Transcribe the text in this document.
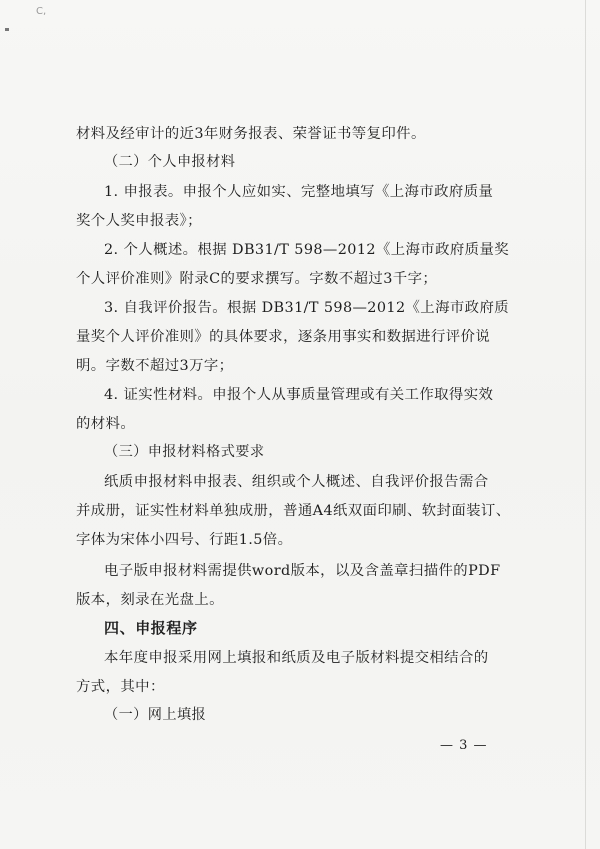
C,
材料及经审计的近3年财务报表、荣誉证书等复印件。
（二）个人申报材料
1. 申报表。申报个人应如实、完整地填写《上海市政府质量
奖个人奖申报表》；
2. 个人概述。根据 DB31/T 598—2012《上海市政府质量奖
个人评价准则》附录C的要求撰写。字数不超过3千字；
3. 自我评价报告。根据 DB31/T 598—2012《上海市政府质
量奖个人评价准则》的具体要求，逐条用事实和数据进行评价说
明。字数不超过3万字；
4. 证实性材料。申报个人从事质量管理或有关工作取得实效
的材料。
（三）申报材料格式要求
纸质申报材料申报表、组织或个人概述、自我评价报告需合
并成册，证实性材料单独成册，普通A4纸双面印刷、软封面装订、
字体为宋体小四号、行距1.5倍。
电子版申报材料需提供word版本，以及含盖章扫描件的PDF
版本，刻录在光盘上。
四、申报程序
本年度申报采用网上填报和纸质及电子版材料提交相结合的
方式，其中：
（一）网上填报
— 3 —
